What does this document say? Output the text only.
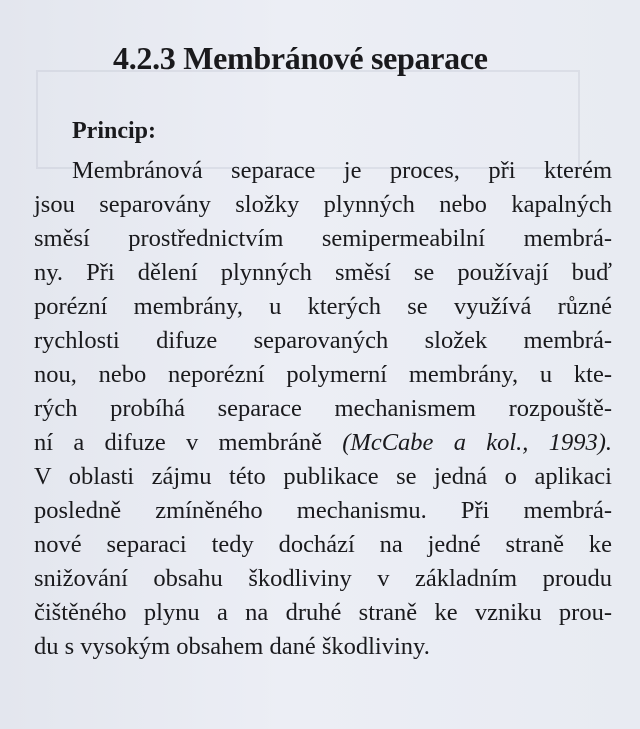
4.2.3 Membránové separace
Princip:
Membránová separace je proces, při kterém
jsou separovány složky plynných nebo kapalných
směsí prostřednictvím semipermeabilní membrá-
ny. Při dělení plynných směsí se používají buď
porézní membrány, u kterých se využívá různé
rychlosti difuze separovaných složek membrá-
nou, nebo neporézní polymerní membrány, u kte-
rých probíhá separace mechanismem rozpouště-
ní a difuze v membráně (McCabe a kol., 1993).
V oblasti zájmu této publikace se jedná o aplikaci
posledně zmíněného mechanismu. Při membrá-
nové separaci tedy dochází na jedné straně ke
snižování obsahu škodliviny v základním proudu
čištěného plynu a na druhé straně ke vzniku prou-
du s vysokým obsahem dané škodliviny.
